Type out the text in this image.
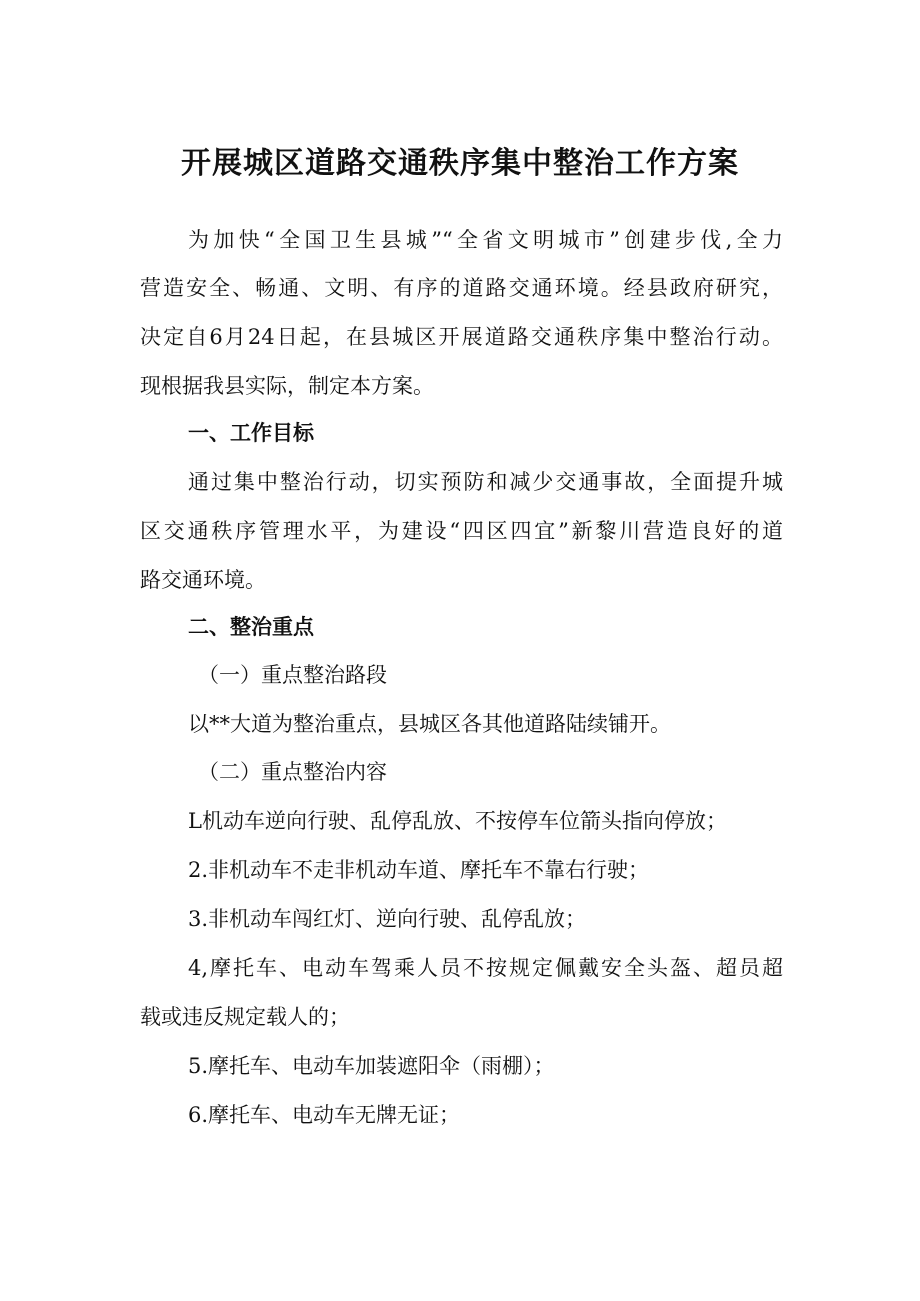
开展城区道路交通秩序集中整治工作方案

为加快“全国卫生县城”“全省文明城市”创建步伐,全力

营造安全、畅通、文明、有序的道路交通环境。经县政府研究，

决定自6月24日起，在县城区开展道路交通秩序集中整治行动。

现根据我县实际，制定本方案。

一、工作目标

通过集中整治行动，切实预防和减少交通事故，全面提升城

区交通秩序管理水平，为建设“四区四宜”新黎川营造良好的道

路交通环境。

二、整治重点

（一）重点整治路段

以**大道为整治重点，县城区各其他道路陆续铺开。

（二）重点整治内容

L机动车逆向行驶、乱停乱放、不按停车位箭头指向停放；

2.非机动车不走非机动车道、摩托车不靠右行驶；

3.非机动车闯红灯、逆向行驶、乱停乱放；

4,摩托车、电动车驾乘人员不按规定佩戴安全头盔、超员超

载或违反规定载人的；

5.摩托车、电动车加装遮阳伞（雨棚）；

6.摩托车、电动车无牌无证；
